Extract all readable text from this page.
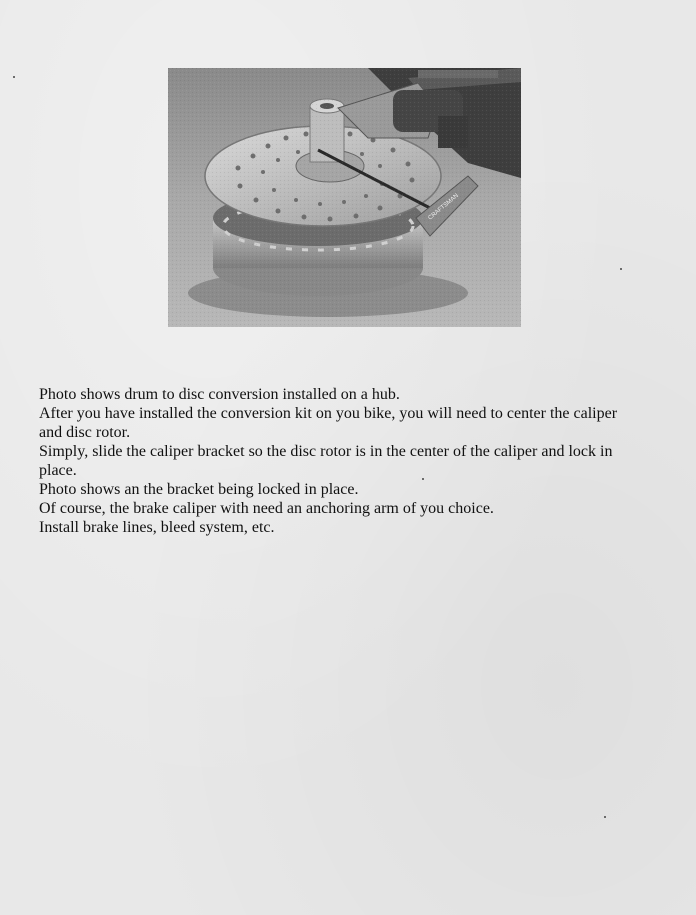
Photo shows drum to disc conversion installed on a hub.

After you have installed the conversion kit on you bike, you will need to center the caliper and disc rotor.

Simply, slide the caliper bracket so the disc rotor is in the center of the caliper and lock in place.

Photo shows an the bracket being locked in place.

Of course, the brake caliper with need an anchoring arm of you choice.

Install brake lines, bleed system, etc.
